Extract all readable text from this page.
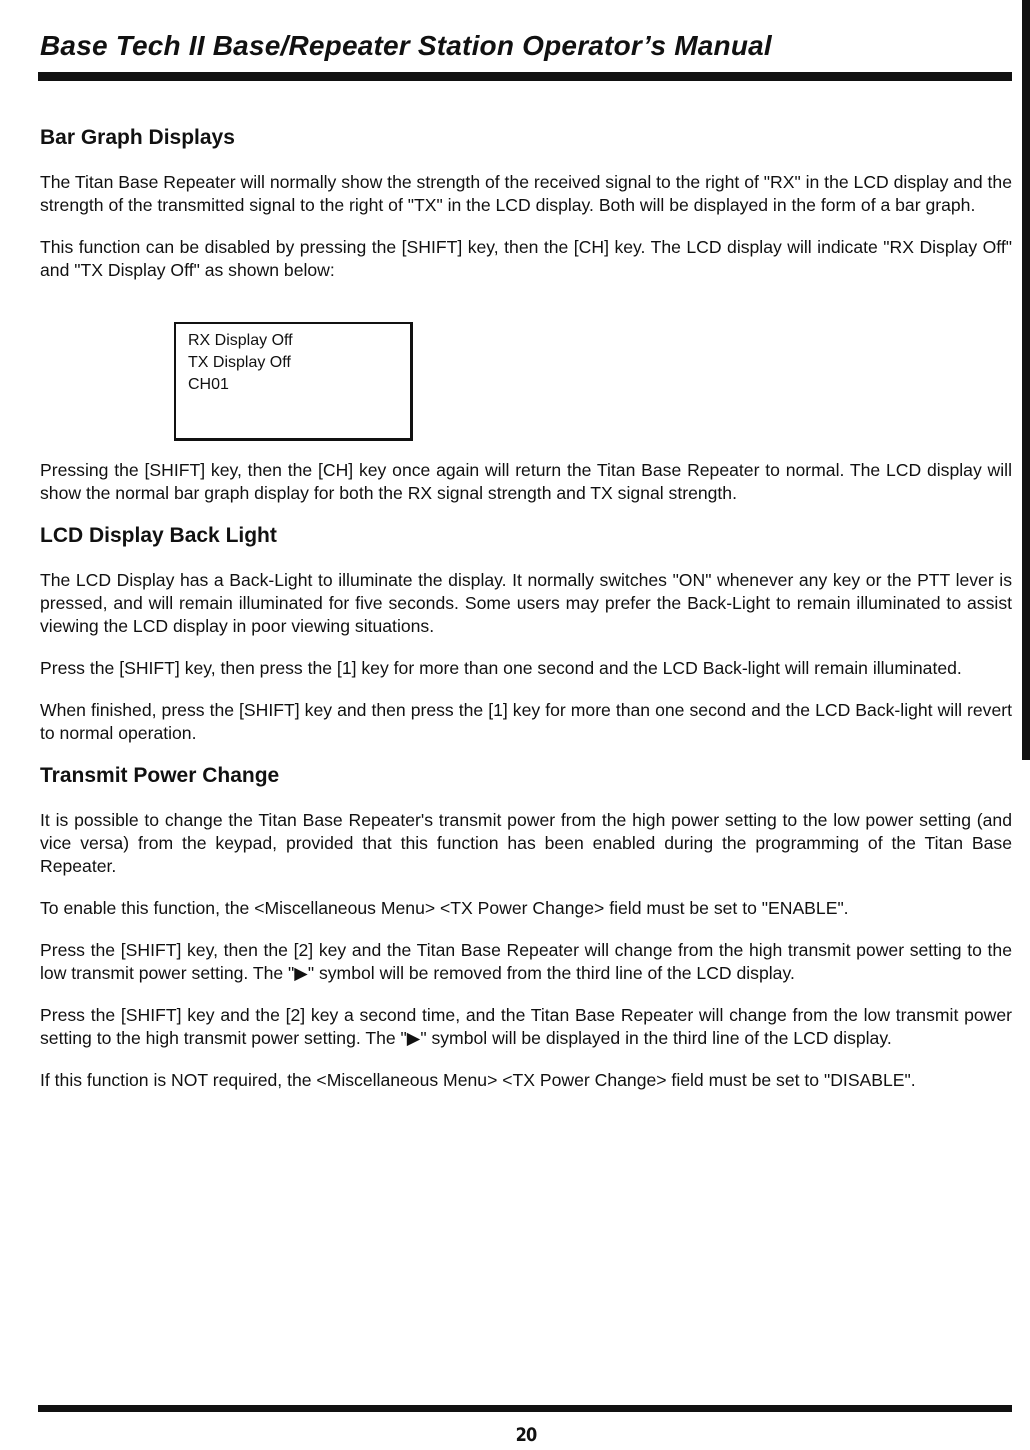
Base Tech II Base/Repeater Station Operator’s Manual
Bar Graph Displays

The Titan Base Repeater will normally show the strength of the received signal to the right of "RX" in the LCD display and the strength of the transmitted signal to the right of "TX" in the LCD display. Both will be displayed in the form of a bar graph.

This function can be disabled by pressing the [SHIFT] key, then the [CH] key. The LCD display will indicate "RX Display Off" and "TX Display Off" as shown below:

RX Display Off
TX Display Off
CH01

Pressing the [SHIFT] key, then the [CH] key once again will return the Titan Base Repeater to normal. The LCD display will show the normal bar graph display for both the RX signal strength and TX signal strength.

LCD Display Back Light

The LCD Display has a Back-Light to illuminate the display. It normally switches "ON" whenever any key or the PTT lever is pressed, and will remain illuminated for five seconds. Some users may prefer the Back-Light to remain illuminated to assist viewing the LCD display in poor viewing situations.

Press the [SHIFT] key, then press the [1] key for more than one second and the LCD Back-light will remain illuminated.

When finished, press the [SHIFT] key and then press the [1] key for more than one second and the LCD Back-light will revert to normal operation.

Transmit Power Change

It is possible to change the Titan Base Repeater's transmit power from the high power setting to the low power setting (and vice versa) from the keypad, provided that this function has been enabled during the programming of the Titan Base Repeater.

To enable this function, the <Miscellaneous Menu> <TX Power Change> field must be set to "ENABLE".

Press the [SHIFT] key, then the [2] key and the Titan Base Repeater will change from the high transmit power setting to the low transmit power setting. The "▶" symbol will be removed from the third line of the LCD display.

Press the [SHIFT] key and the [2] key a second time, and the Titan Base Repeater will change from the low transmit power setting to the high transmit power setting. The "▶" symbol will be displayed in the third line of the LCD display.

If this function is NOT required, the <Miscellaneous Menu> <TX Power Change> field must be set to "DISABLE".

20
